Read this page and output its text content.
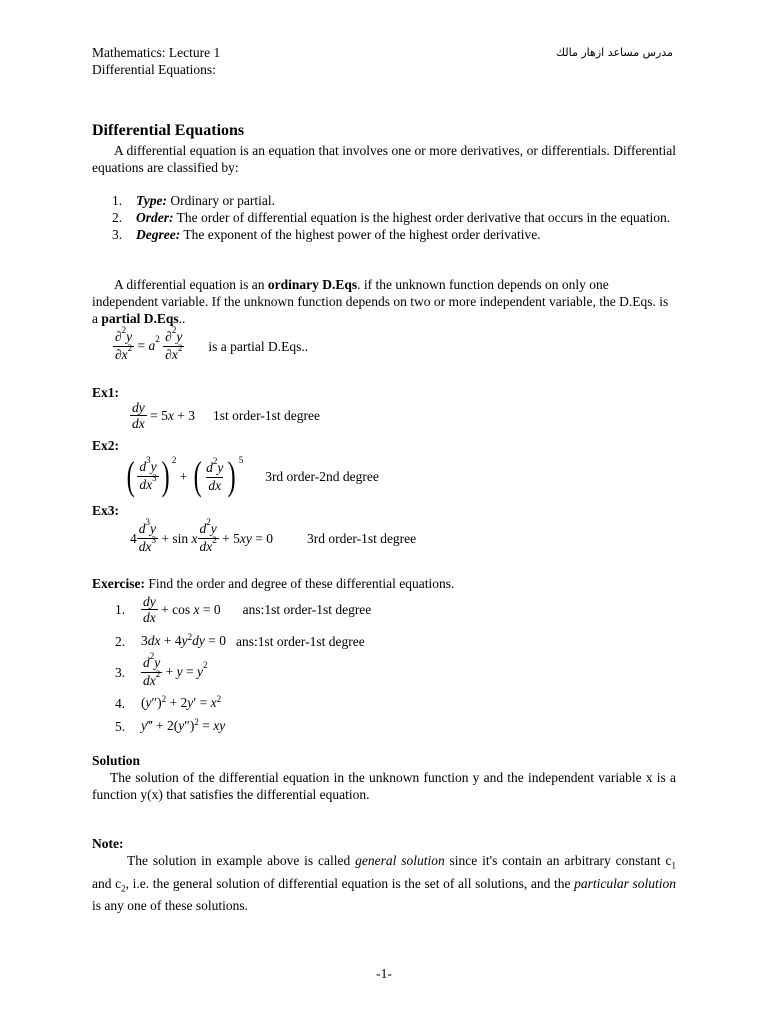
Mathematics: Lecture 1
Differential Equations:
مدرس مساعد ازهار مالك
Differential Equations
A differential equation is an equation that involves one or more derivatives, or differentials. Differential equations are classified by:
1.	Type: Ordinary or partial.
2.	Order: The order of differential equation is the highest order derivative that occurs in the equation.
3.	Degree: The exponent of the highest power of the highest order derivative.
A differential equation is an ordinary D.Eqs. if the unknown function depends on only one independent variable. If the unknown function depends on two or more independent variable, the D.Eqs. is a partial D.Eqs..
$\frac{\partial^2y}{\partial x^2} = a^2 \frac{\partial^2y}{\partial x^2}$ is a partial D.Eqs..
Ex1:
$\frac{dy}{dx} = 5x + 3$ 1st order-1st degree
Ex2:
( $\frac{d^3y}{dx^3}$ ) 2
+ ( $\frac{d^2y}{dx}$ ) 5
3rd order-2nd degree
Ex3:
$4 \frac{d^3y}{dx^3} + \sin x \frac{d^2y}{dx^2} + 5xy = 0$	3rd order-1st degree
Exercise: Find the order and degree of these differential equations.
1.	$\frac{dy}{dx} + \cos x = 0$ ans:1st order-1st degree
2.	$3dx + 4y^2dy = 0$ ans:1st order-1st degree
3.	$\frac{d^2y}{dx^2} + y = y^2$
4.	$(y'')^2 + 2y' = x^2$
5.	y‴ + $2(y'')^2$ = xy
Solution
The solution of the differential equation in the unknown function y and the independent variable x is a function y(x) that satisfies the differential equation.
Note:
The solution in example above is called general solution since it's contain an arbitrary constant $c_1$ and $c_2$, i.e. the general solution of differential equation is the set of all solutions, and the particular solution is any one of these solutions.
-1-
